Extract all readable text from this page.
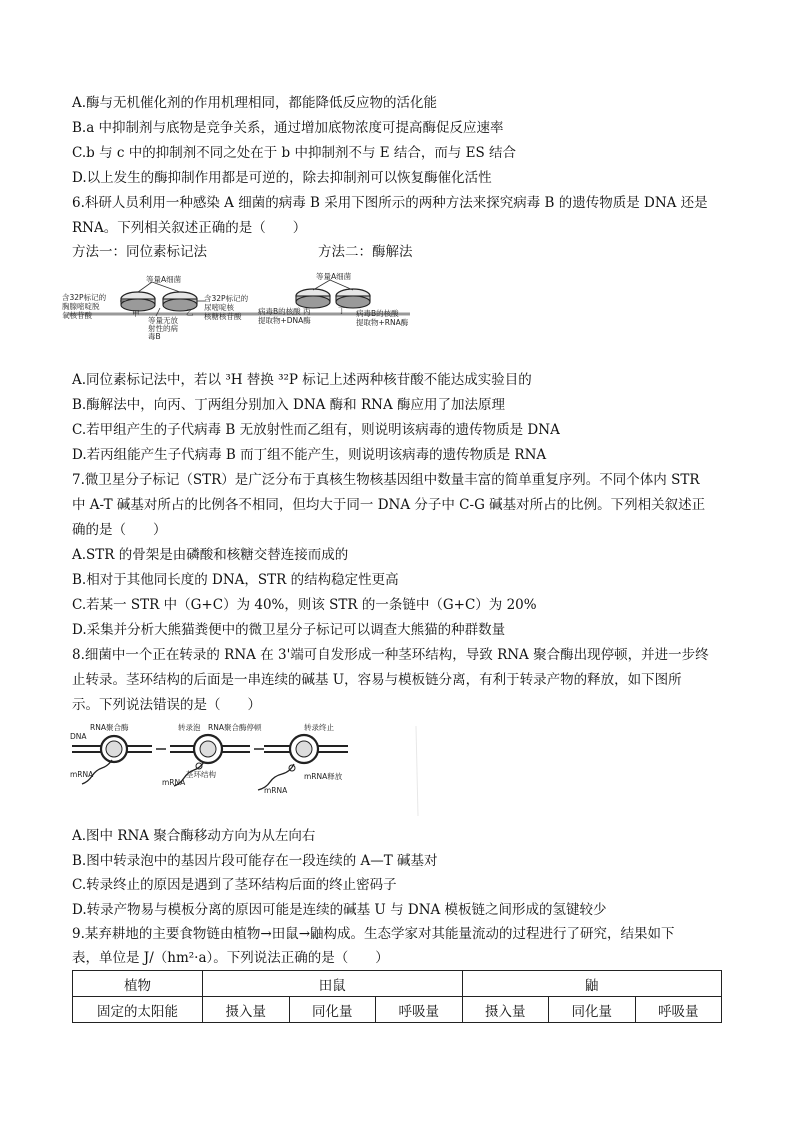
A.酶与无机催化剂的作用机理相同，都能降低反应物的活化能
B.a 中抑制剂与底物是竞争关系，通过增加底物浓度可提高酶促反应速率
C.b 与 c 中的抑制剂不同之处在于 b 中抑制剂不与 E 结合，而与 ES 结合
D.以上发生的酶抑制作用都是可逆的，除去抑制剂可以恢复酶催化活性
6.科研人员利用一种感染 A 细菌的病毒 B 采用下图所示的两种方法来探究病毒 B 的遗传物质是 DNA 还是
RNA。下列相关叙述正确的是（　　）
方法一：同位素标记法	方法二：酶解法
等量A细菌
含32P标记的
胸腺嘧啶脱
氧核苷酸	甲	乙
等量无放
射性的病
毒B
含32P标记的
尿嘧啶核
核糖核苷酸
等量A细菌
病毒B的核酸 丙
提取物+DNA酶
丁 病毒B的核酸
提取物+RNA酶
A.同位素标记法中，若以 ³H 替换 ³²P 标记上述两种核苷酸不能达成实验目的
B.酶解法中，向丙、丁两组分别加入 DNA 酶和 RNA 酶应用了加法原理
C.若甲组产生的子代病毒 B 无放射性而乙组有，则说明该病毒的遗传物质是 DNA
D.若丙组能产生子代病毒 B 而丁组不能产生，则说明该病毒的遗传物质是 RNA
7.微卫星分子标记（STR）是广泛分布于真核生物核基因组中数量丰富的简单重复序列。不同个体内 STR
中 A-T 碱基对所占的比例各不相同，但均大于同一 DNA 分子中 C-G 碱基对所占的比例。下列相关叙述正
确的是（　　）
A.STR 的骨架是由磷酸和核糖交替连接而成的
B.相对于其他同长度的 DNA，STR 的结构稳定性更高
C.若某一 STR 中（G+C）为 40%，则该 STR 的一条链中（G+C）为 20%
D.采集并分析大熊猫粪便中的微卫星分子标记可以调查大熊猫的种群数量
8.细菌中一个正在转录的 RNA 在 3'端可自发形成一种茎环结构，导致 RNA 聚合酶出现停顿，并进一步终
止转录。茎环结构的后面是一串连续的碱基 U，容易与模板链分离，有利于转录产物的释放，如下图所
示。下列说法错误的是（　　）
DNA
RNA聚合酶	转录泡 RNA聚合酶停顿	转录终止
mRNA
mRNA
mRNA
茎环结构	mRNA释放
A.图中 RNA 聚合酶移动方向为从左向右
B.图中转录泡中的基因片段可能存在一段连续的 A—T 碱基对
C.转录终止的原因是遇到了茎环结构后面的终止密码子
D.转录产物易与模板分离的原因可能是连续的碱基 U 与 DNA 模板链之间形成的氢键较少
9.某弃耕地的主要食物链由植物→田鼠→鼬构成。生态学家对其能量流动的过程进行了研究，结果如下
表，单位是 J/（hm²·a）。下列说法正确的是（　　）
植物	田鼠			鼬		
固定的太阳能	摄入量	同化量	呼吸量	摄入量	同化量	呼吸量
